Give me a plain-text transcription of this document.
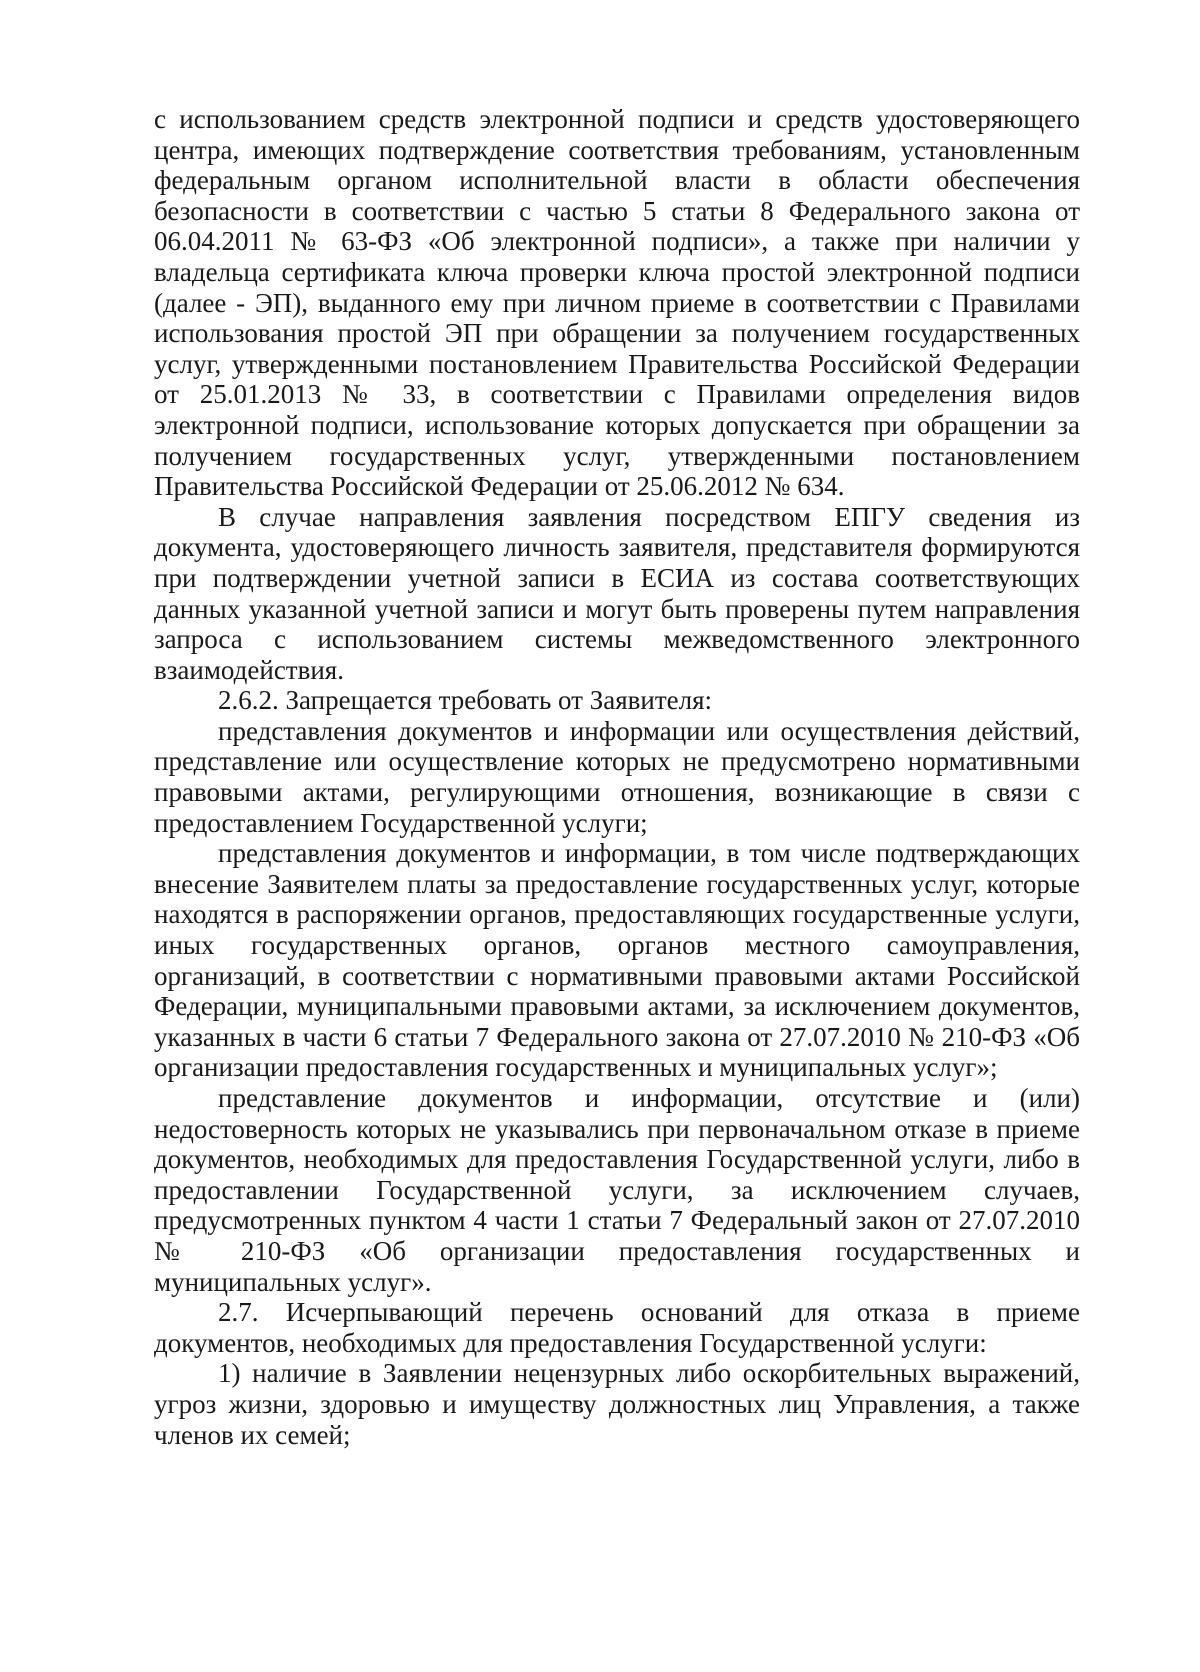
с использованием средств электронной подписи и средств удостоверяющего центра, имеющих подтверждение соответствия требованиям, установленным федеральным органом исполнительной власти в области обеспечения безопасности в соответствии с частью 5 статьи 8 Федерального закона от 06.04.2011 № 63-ФЗ «Об электронной подписи», а также при наличии у владельца сертификата ключа проверки ключа простой электронной подписи (далее - ЭП), выданного ему при личном приеме в соответствии с Правилами использования простой ЭП при обращении за получением государственных услуг, утвержденными постановлением Правительства Российской Федерации от 25.01.2013 № 33, в соответствии с Правилами определения видов электронной подписи, использование которых допускается при обращении за получением государственных услуг, утвержденными постановлением Правительства Российской Федерации от 25.06.2012 № 634.

В случае направления заявления посредством ЕПГУ сведения из документа, удостоверяющего личность заявителя, представителя формируются при подтверждении учетной записи в ЕСИА из состава соответствующих данных указанной учетной записи и могут быть проверены путем направления запроса с использованием системы межведомственного электронного взаимодействия.

2.6.2. Запрещается требовать от Заявителя:

представления документов и информации или осуществления действий, представление или осуществление которых не предусмотрено нормативными правовыми актами, регулирующими отношения, возникающие в связи с предоставлением Государственной услуги;

представления документов и информации, в том числе подтверждающих внесение Заявителем платы за предоставление государственных услуг, которые находятся в распоряжении органов, предоставляющих государственные услуги, иных государственных органов, органов местного самоуправления, организаций, в соответствии с нормативными правовыми актами Российской Федерации, муниципальными правовыми актами, за исключением документов, указанных в части 6 статьи 7 Федерального закона от 27.07.2010 № 210-ФЗ «Об организации предоставления государственных и муниципальных услуг»;

представление документов и информации, отсутствие и (или) недостоверность которых не указывались при первоначальном отказе в приеме документов, необходимых для предоставления Государственной услуги, либо в предоставлении Государственной услуги, за исключением случаев, предусмотренных пунктом 4 части 1 статьи 7 Федеральный закон от 27.07.2010 № 210-ФЗ «Об организации предоставления государственных и муниципальных услуг».

2.7. Исчерпывающий перечень оснований для отказа в приеме документов, необходимых для предоставления Государственной услуги:

1) наличие в Заявлении нецензурных либо оскорбительных выражений, угроз жизни, здоровью и имуществу должностных лиц Управления, а также членов их семей;
